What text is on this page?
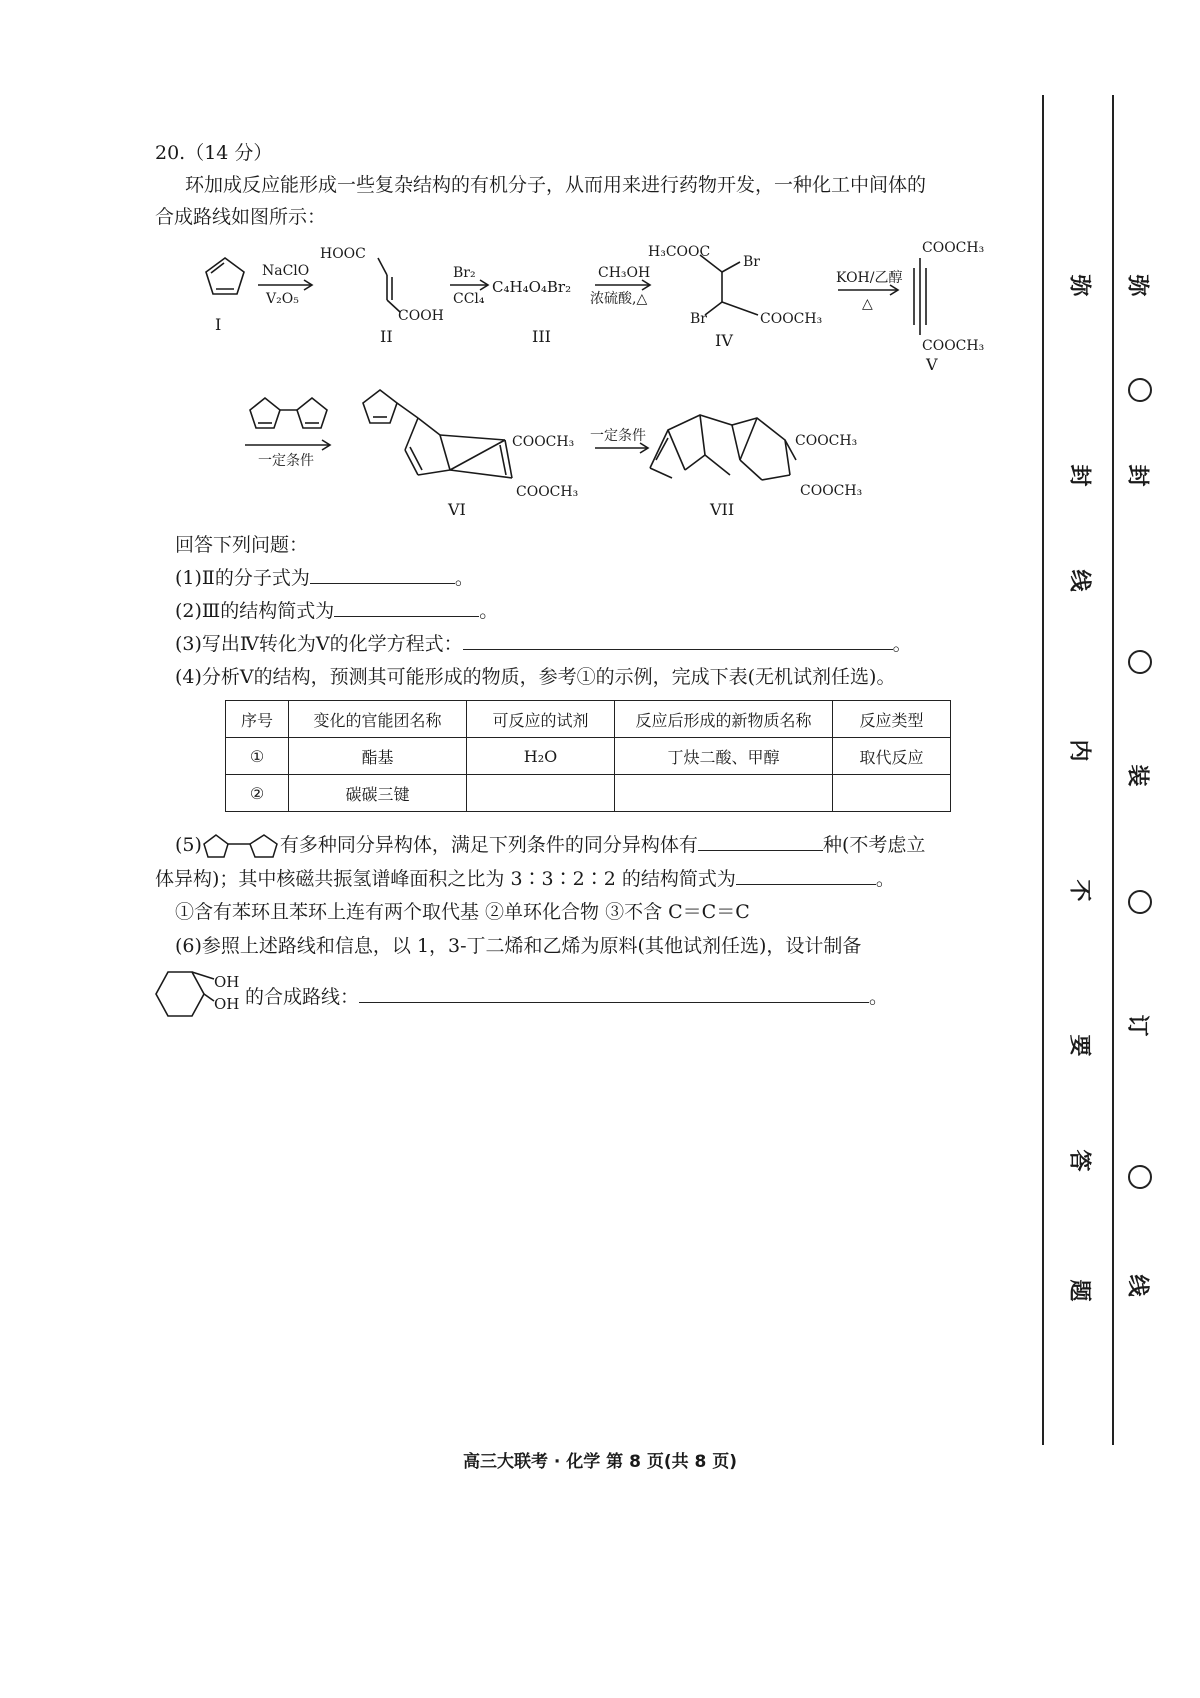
20.（14 分）
环加成反应能形成一些复杂结构的有机分子，从而用来进行药物开发，一种化工中间体的
合成路线如图所示：
I
NaClO
V₂O₅
HOOC
COOH
II
Br₂
CCl₄
C₄H₄O₄Br₂
III
CH₃OH
浓硫酸,△
H₃COOC
Br
Br	COOCH₃
IV
KOH/乙醇
△
COOCH₃
COOCH₃
V
一定条件
COOCH₃
COOCH₃
VI
一定条件	COOCH₃
COOCH₃
VII
回答下列问题：
(1)Ⅱ的分子式为	。
(2)Ⅲ的结构简式为	。
(3)写出Ⅳ转化为Ⅴ的化学方程式：	。
(4)分析Ⅴ的结构，预测其可能形成的物质，参考①的示例，完成下表(无机试剂任选)。
序号	变化的官能团名称	可反应的试剂	反应后形成的新物质名称	反应类型
①	酯基	H₂O	丁炔二酸、甲醇	取代反应
②	碳碳三键			
(5)	有多种同分异构体，满足下列条件的同分异构体有	种(不考虑立
体异构)；其中核磁共振氢谱峰面积之比为 3∶3∶2∶2 的结构简式为	。
①含有苯环且苯环上连有两个取代基 ②单环化合物 ③不含 C＝C＝C
(6)参照上述路线和信息，以 1，3-丁二烯和乙烯为原料(其他试剂任选)，设计制备
OH
OH 的合成路线：	。
弥
封
线
内
不
要
答
题
弥
封
装
订
线
高三大联考 · 化学 第 8 页(共 8 页)
